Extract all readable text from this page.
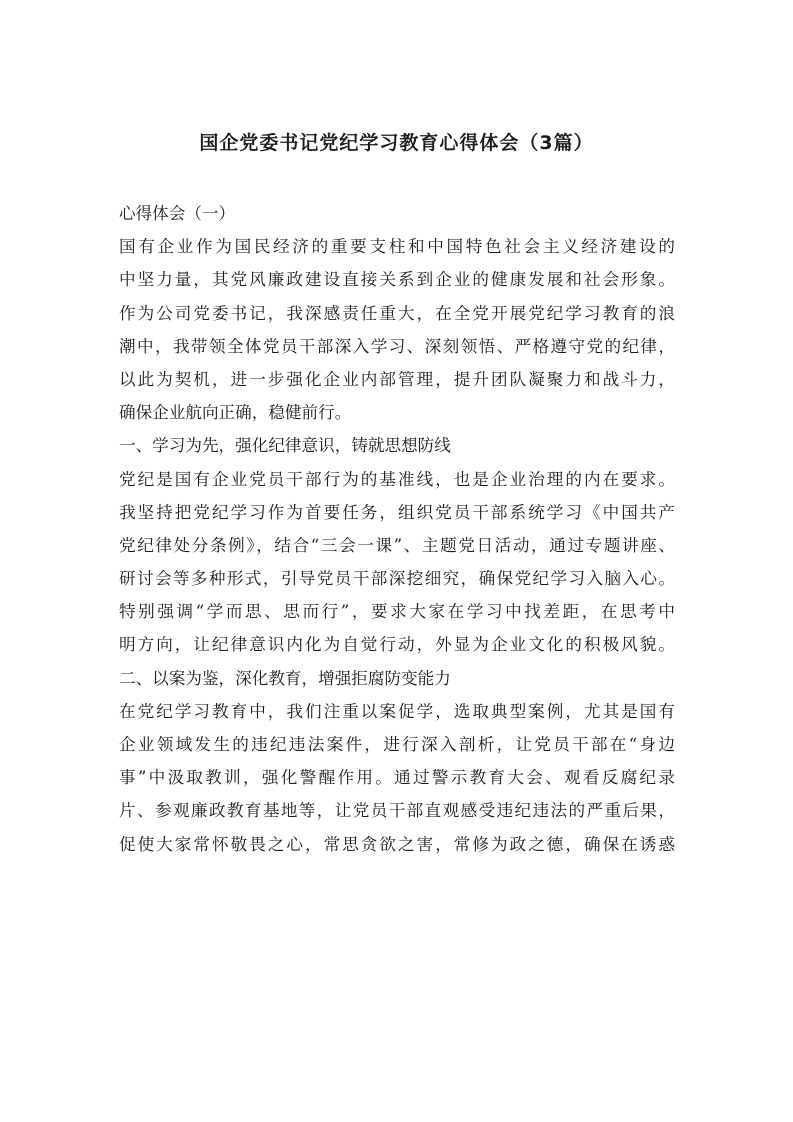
国企党委书记党纪学习教育心得体会（3篇）
心得体会（一）
国有企业作为国民经济的重要支柱和中国特色社会主义经济建设的
中坚力量，其党风廉政建设直接关系到企业的健康发展和社会形象。
作为公司党委书记，我深感责任重大，在全党开展党纪学习教育的浪
潮中，我带领全体党员干部深入学习、深刻领悟、严格遵守党的纪律，
以此为契机，进一步强化企业内部管理，提升团队凝聚力和战斗力，
确保企业航向正确，稳健前行。
一、学习为先，强化纪律意识，铸就思想防线
党纪是国有企业党员干部行为的基准线，也是企业治理的内在要求。
我坚持把党纪学习作为首要任务，组织党员干部系统学习《中国共产
党纪律处分条例》，结合“三会一课”、主题党日活动，通过专题讲座、
研讨会等多种形式，引导党员干部深挖细究，确保党纪学习入脑入心。
特别强调“学而思、思而行”，要求大家在学习中找差距，在思考中
明方向，让纪律意识内化为自觉行动，外显为企业文化的积极风貌。
二、以案为鉴，深化教育，增强拒腐防变能力
在党纪学习教育中，我们注重以案促学，选取典型案例，尤其是国有
企业领域发生的违纪违法案件，进行深入剖析，让党员干部在“身边
事”中汲取教训，强化警醒作用。通过警示教育大会、观看反腐纪录
片、参观廉政教育基地等，让党员干部直观感受违纪违法的严重后果，
促使大家常怀敬畏之心，常思贪欲之害，常修为政之德，确保在诱惑
